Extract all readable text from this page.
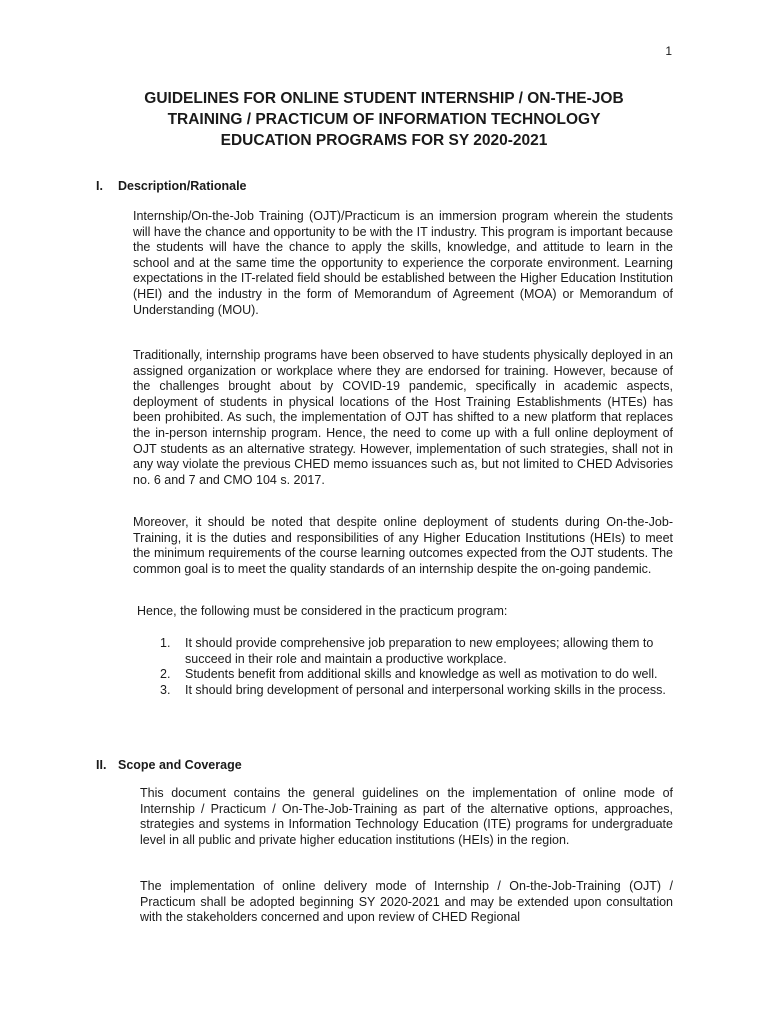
1
GUIDELINES FOR ONLINE STUDENT INTERNSHIP / ON-THE-JOB
TRAINING / PRACTICUM OF INFORMATION TECHNOLOGY
EDUCATION PROGRAMS FOR SY 2020-2021
I. Description/Rationale

Internship/On-the-Job Training (OJT)/Practicum is an immersion program wherein the students will have the chance and opportunity to be with the IT industry. This program is important because the students will have the chance to apply the skills, knowledge, and attitude to learn in the school and at the same time the opportunity to experience the corporate environment. Learning expectations in the IT-related field should be established between the Higher Education Institution (HEI) and the industry in the form of Memorandum of Agreement (MOA) or Memorandum of Understanding (MOU).

Traditionally, internship programs have been observed to have students physically deployed in an assigned organization or workplace where they are endorsed for training. However, because of the challenges brought about by COVID-19 pandemic, specifically in academic aspects, deployment of students in physical locations of the Host Training Establishments (HTEs) has been prohibited. As such, the implementation of OJT has shifted to a new platform that replaces the in-person internship program. Hence, the need to come up with a full online deployment of OJT students as an alternative strategy. However, implementation of such strategies, shall not in any way violate the previous CHED memo issuances such as, but not limited to CHED Advisories no. 6 and 7 and CMO 104 s. 2017.

Moreover, it should be noted that despite online deployment of students during On-the-Job-Training, it is the duties and responsibilities of any Higher Education Institutions (HEIs) to meet the minimum requirements of the course learning outcomes expected from the OJT students. The common goal is to meet the quality standards of an internship despite the on-going pandemic.

Hence, the following must be considered in the practicum program:

1. It should provide comprehensive job preparation to new employees; allowing them to succeed in their role and maintain a productive workplace.
2. Students benefit from additional skills and knowledge as well as motivation to do well.
3. It should bring development of personal and interpersonal working skills in the process.
II. Scope and Coverage

This document contains the general guidelines on the implementation of online mode of Internship / Practicum / On-The-Job-Training as part of the alternative options, approaches, strategies and systems in Information Technology Education (ITE) programs for undergraduate level in all public and private higher education institutions (HEIs) in the region.

The implementation of online delivery mode of Internship / On-the-Job-Training (OJT) / Practicum shall be adopted beginning SY 2020-2021 and may be extended upon consultation with the stakeholders concerned and upon review of CHED Regional
